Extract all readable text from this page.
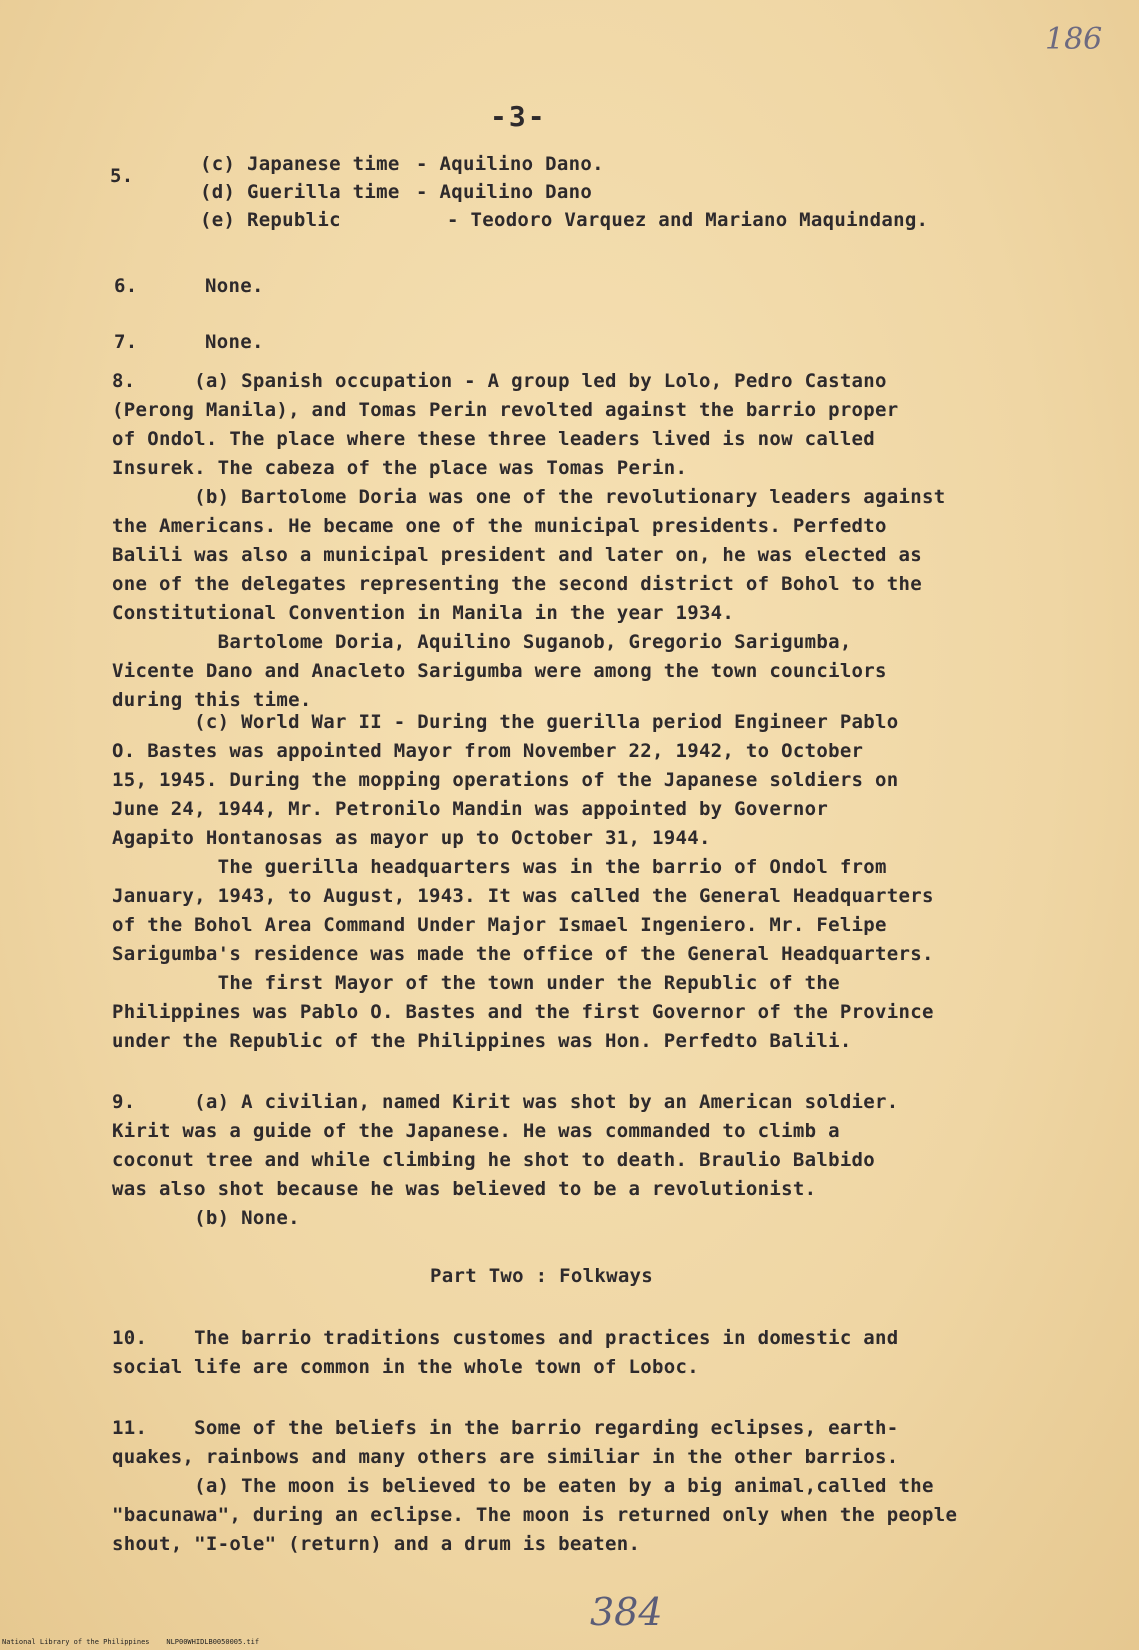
186
-3-
5.
(c) Japanese time - Aquilino Dano.
(d) Guerilla time - Aquilino Dano
(e) Republic	- Teodoro Varquez and Mariano Maquindang.
6.	None.
7.	None.
8.     (a) Spanish occupation - A group led by Lolo, Pedro Castano
(Perong Manila), and Tomas Perin revolted against the barrio proper
of Ondol. The place where these three leaders lived is now called
Insurek. The cabeza of the place was Tomas Perin.
(b) Bartolome Doria was one of the revolutionary leaders against
the Americans. He became one of the municipal presidents. Perfedto
Balili was also a municipal president and later on, he was elected as
one of the delegates representing the second district of Bohol to the
Constitutional Convention in Manila in the year 1934.
Bartolome Doria, Aquilino Suganob, Gregorio Sarigumba,
Vicente Dano and Anacleto Sarigumba were among the town councilors
during this time.
(c) World War II - During the guerilla period Engineer Pablo
O. Bastes was appointed Mayor from November 22, 1942, to October
15, 1945. During the mopping operations of the Japanese soldiers on
June 24, 1944, Mr. Petronilo Mandin was appointed by Governor
Agapito Hontanosas as mayor up to October 31, 1944.
The guerilla headquarters was in the barrio of Ondol from
January, 1943, to August, 1943. It was called the General Headquarters
of the Bohol Area Command Under Major Ismael Ingeniero. Mr. Felipe
Sarigumba's residence was made the office of the General Headquarters.
The first Mayor of the town under the Republic of the
Philippines was Pablo O. Bastes and the first Governor of the Province
under the Republic of the Philippines was Hon. Perfedto Balili.
9.     (a) A civilian, named Kirit was shot by an American soldier.
Kirit was a guide of the Japanese. He was commanded to climb a
coconut tree and while climbing he shot to death. Braulio Balbido
was also shot because he was believed to be a revolutionist.
(b) None.
Part Two : Folkways
10.    The barrio traditions customes and practices in domestic and
social life are common in the whole town of Loboc.
11.    Some of the beliefs in the barrio regarding eclipses, earth-
quakes, rainbows and many others are similiar in the other barrios.
(a) The moon is believed to be eaten by a big animal,called the
"bacunawa", during an eclipse. The moon is returned only when the people
shout, "I-ole" (return) and a drum is beaten.
384
National Library of the Philippines    NLP00WHIDLB0050005.tif
